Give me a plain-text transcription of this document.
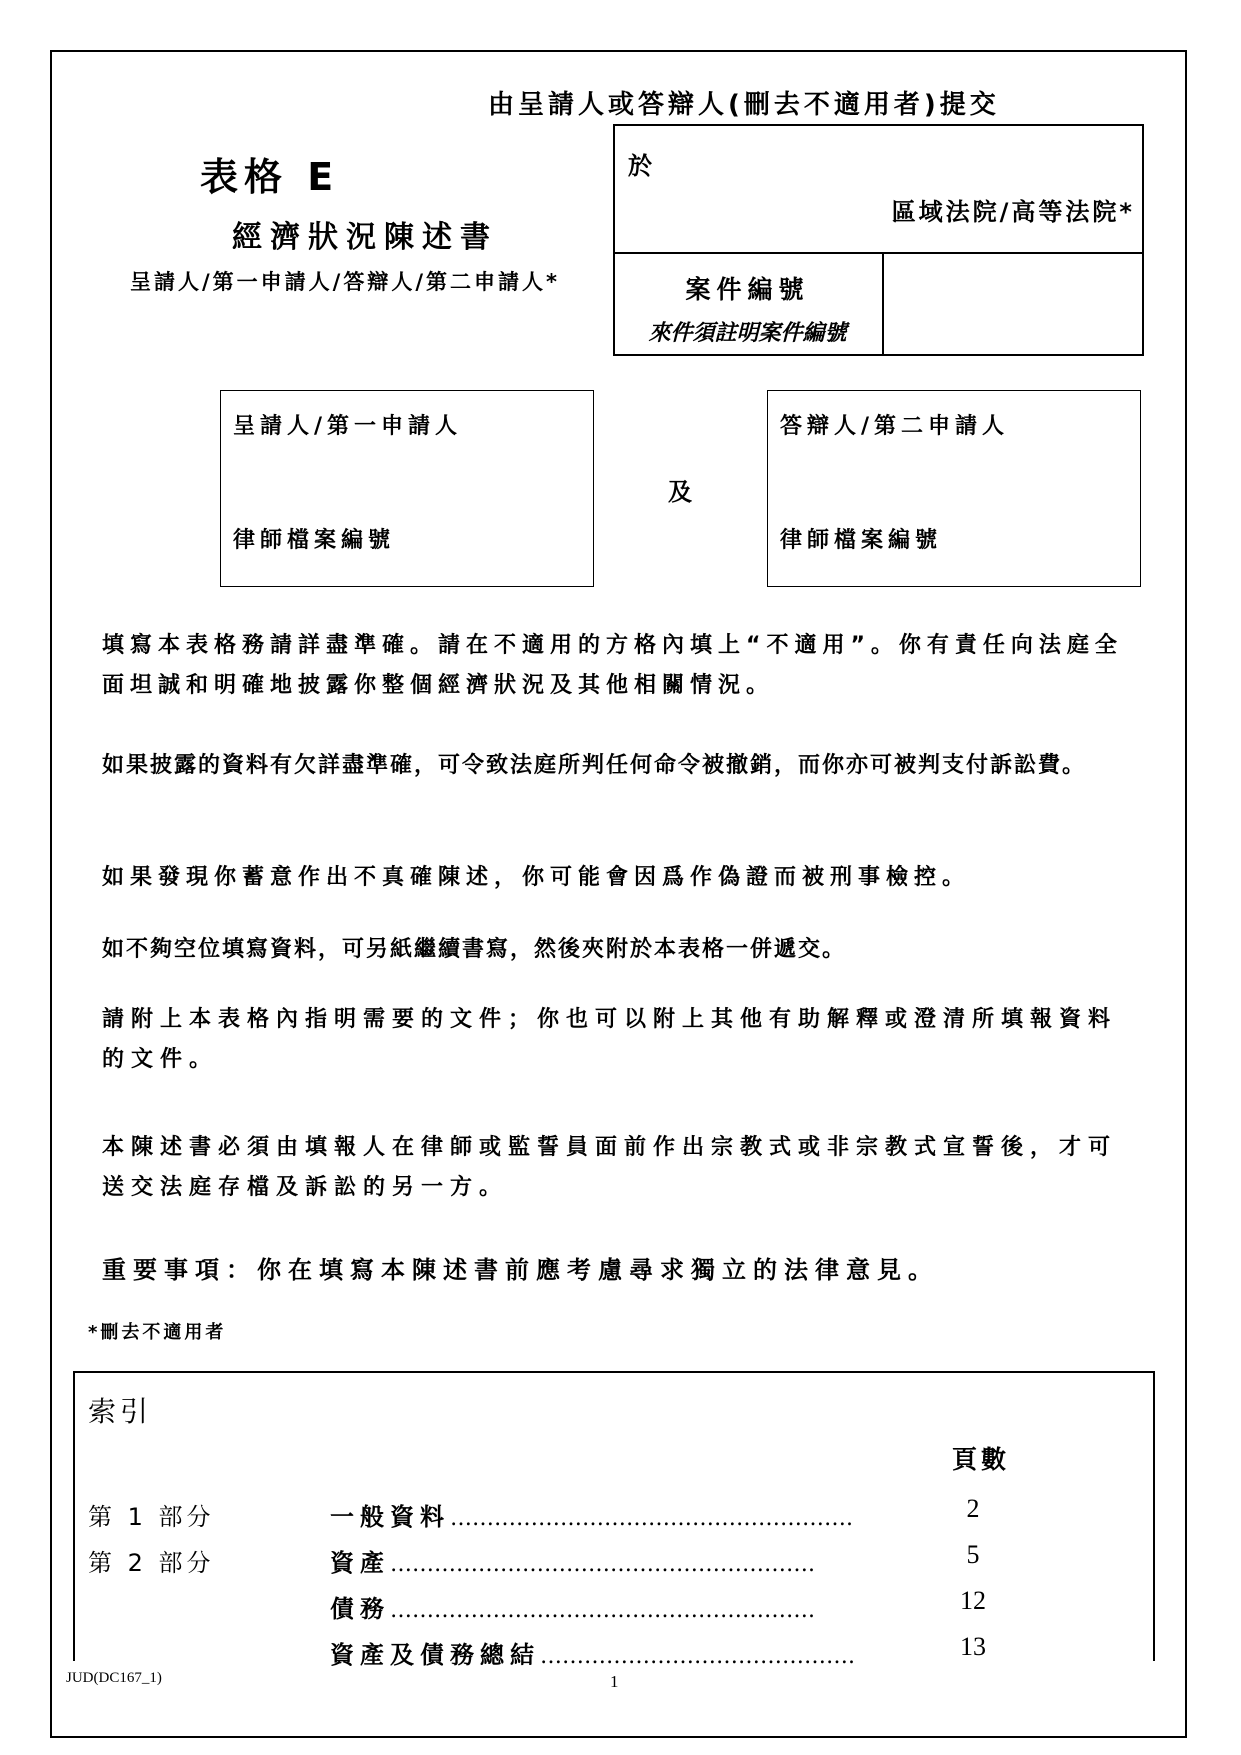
由呈請人或答辯人(刪去不適用者)提交
表格 E
經濟狀況陳述書
呈請人/第一申請人/答辯人/第二申請人*
於
區域法院/高等法院*
案件編號
來件須註明案件編號
呈請人/第一申請人
律師檔案編號
及
答辯人/第二申請人
律師檔案編號
填寫本表格務請詳盡準確。請在不適用的方格內填上“不適用”。你有責任向法庭全面坦誠和明確地披露你整個經濟狀況及其他相關情況。
如果披露的資料有欠詳盡準確，可令致法庭所判任何命令被撤銷，而你亦可被判支付訴訟費。
如果發現你蓄意作出不真確陳述，你可能會因爲作偽證而被刑事檢控。
如不夠空位填寫資料，可另紙繼續書寫，然後夾附於本表格一併遞交。
請附上本表格內指明需要的文件；你也可以附上其他有助解釋或澄清所填報資料的文件。
本陳述書必須由填報人在律師或監誓員面前作出宗教式或非宗教式宣誓後，才可送交法庭存檔及訴訟的另一方。
重要事項：你在填寫本陳述書前應考慮尋求獨立的法律意見。
*刪去不適用者
索引
頁數
第 1 部分	一般資料……………………………………………….	2
第 2 部分	資產………………………………………………….	5
債務………………………………………………….	12
資產及債務總結…………………………………….	13
JUD(DC167_1)	1
